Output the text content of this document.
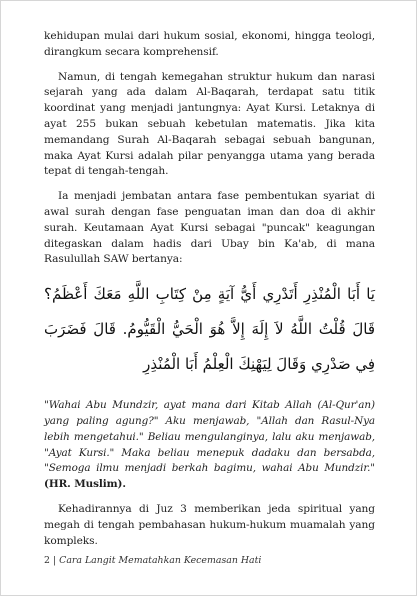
kehidupan mulai dari hukum sosial, ekonomi, hingga teologi, dirangkum secara komprehensif.

Namun, di tengah kemegahan struktur hukum dan narasi sejarah yang ada dalam Al-Baqarah, terdapat satu titik koordinat yang menjadi jantungnya: Ayat Kursi. Letaknya di ayat 255 bukan sebuah kebetulan matematis. Jika kita memandang Surah Al-Baqarah sebagai sebuah bangunan, maka Ayat Kursi adalah pilar penyangga utama yang berada tepat di tengah-tengah.

Ia menjadi jembatan antara fase pembentukan syariat di awal surah dengan fase penguatan iman dan doa di akhir surah. Keutamaan Ayat Kursi sebagai "puncak" keagungan ditegaskan dalam hadis dari Ubay bin Ka'ab, di mana Rasulullah SAW bertanya:

يَا أَبَا الْمُنْذِرِ أَتَدْرِي أَيُّ آيَةٍ مِنْ كِتَابِ اللَّهِ مَعَكَ أَعْظَمُ؟ قَالَ قُلْتُ اللَّهُ لاَ إِلَهَ إِلاَّ هُوَ الْحَيُّ الْقَيُّومُ. قَالَ فَضَرَبَ فِي صَدْرِي وَقَالَ لِيَهْنِكَ الْعِلْمُ أَبَا الْمُنْذِرِ

"Wahai Abu Mundzir, ayat mana dari Kitab Allah (Al-Qur'an) yang paling agung?" Aku menjawab, "Allah dan Rasul-Nya lebih mengetahui." Beliau mengulanginya, lalu aku menjawab, "Ayat Kursi." Maka beliau menepuk dadaku dan bersabda, "Semoga ilmu menjadi berkah bagimu, wahai Abu Mundzir." (HR. Muslim).

Kehadirannya di Juz 3 memberikan jeda spiritual yang megah di tengah pembahasan hukum-hukum muamalah yang kompleks.

2 | Cara Langit Mematahkan Kecemasan Hati
